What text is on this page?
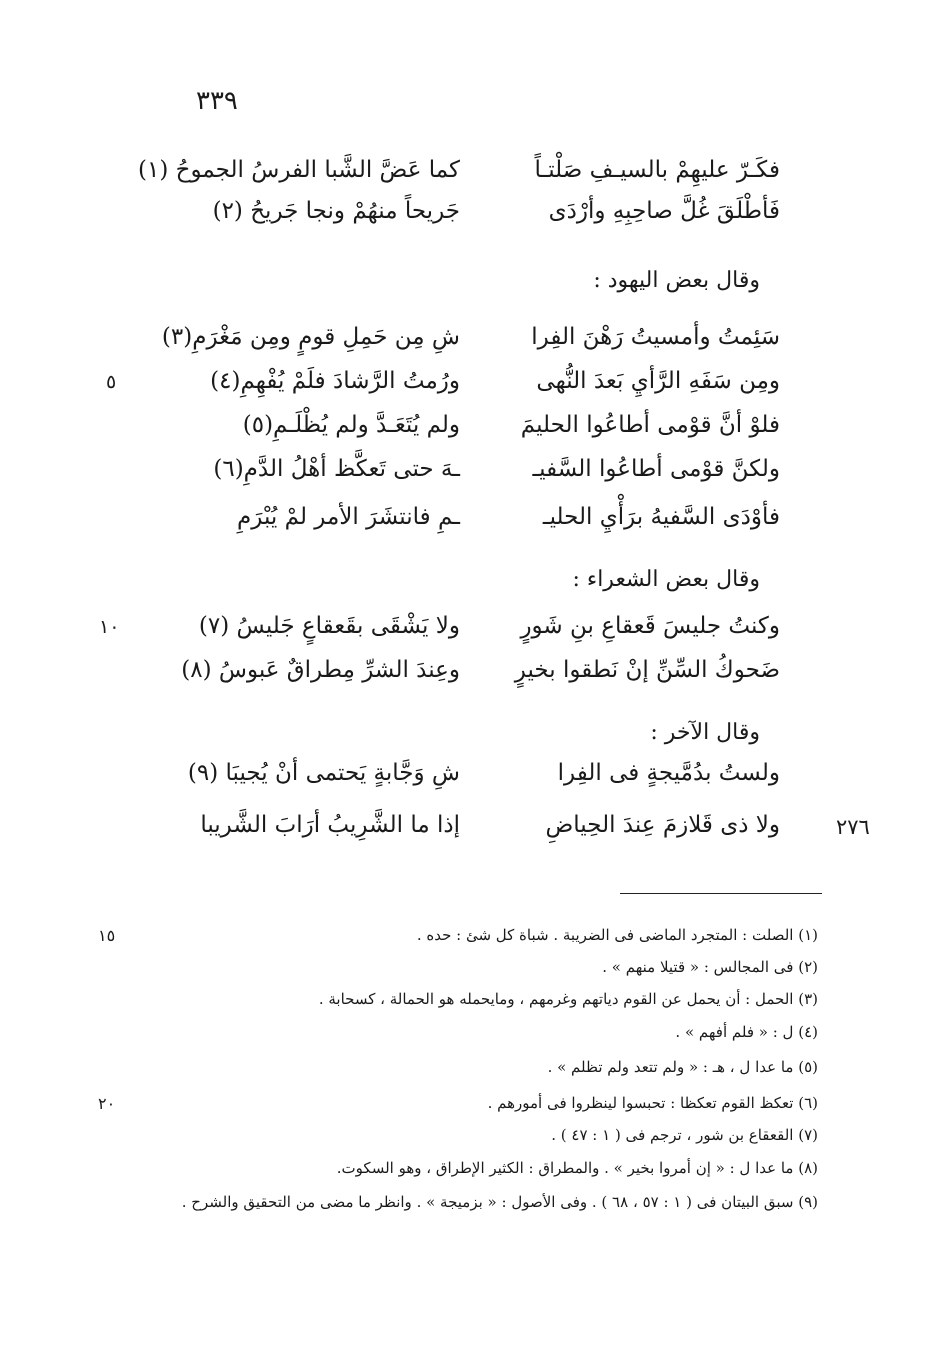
٣٣٩
فكَـرّ عليهِمْ بالسيـفِ صَلْتـاً
كما عَضَّ الشَّبا الفرسُ الجموحُ (١)
فَأطْلَقَ غُلَّ صاحِبِهِ وأرْدَى
جَريحاً منهُمْ ونجا جَريحُ (٢)
وقال بعض اليهود :
سَئِمتُ وأمسيتُ رَهْنَ الفِرا
شِ مِن حَمِلِ قومٍ ومِن مَغْرَمِ(٣)
ومِن سَفَهِ الرَّأيِ بَعدَ النُّهى
ورُمتُ الرَّشادَ فلَمْ يُفْهِمِ(٤)
٥
فلوْ أنَّ قوْمى أطاعُوا الحليمَ
ولم يُتَعَـدَّ ولم يُظْلَـمِ(٥)
ولكنَّ قوْمى أطاعُوا السَّفيـ
ـهَ حتى تَعكَّظ أهْلُ الدَّمِ(٦)
فأوْدَى السَّفيهُ برَأْيِ الحليـ
ـمِ فانتشَرَ الأمر لمْ يُبْرَمِ
وقال بعض الشعراء :
وكنتُ جليسَ قَعقاعِ بنِ شَورٍ
ولا يَشْقَى بقَعقاعٍ جَليسُ (٧)
١٠
ضَحوكُ السِّنِّ إنْ نَطقوا بخيرٍ
وعِندَ الشرِّ مِطراقٌ عَبوسُ (٨)
وقال الآخر :
ولستُ بدُمَّيجةٍ فى الفِرا
شِ وَجَّابةٍ يَحتمى أنْ يُجيبَا (٩)
ولا ذى قَلازمَ عِندَ الحِياضِ
إذا ما الشَّرِيبُ أرَابَ الشَّريبا	٢٧٦
(١) الصلت : المتجرد الماضى فى الضريبة . شباة كل شئ : حده .
١٥
(٢) فى المجالس : « قتيلا منهم » .
(٣) الحمل : أن يحمل عن القوم دياتهم وغرمهم ، ومايحمله هو الحمالة ، كسحابة .
(٤) ل : « فلم أفهم » .
(٥) ما عدا ل ، هـ : « ولم تتعد ولم تظلم » .
(٦) تعكظ القوم تعكظا : تحبسوا لينظروا فى أمورهم .
٢٠
(٧) القعقاع بن شور ، ترجم فى ( ١ : ٤٧ ) .
(٨) ما عدا ل : « إن أمروا بخير » . والمطراق : الكثير الإطراق ، وهو السكوت.
(٩) سبق البيتان فى ( ١ : ٥٧ ، ٦٨ ) . وفى الأصول : « بزميجة » . وانظر ما مضى من التحقيق والشرح .
